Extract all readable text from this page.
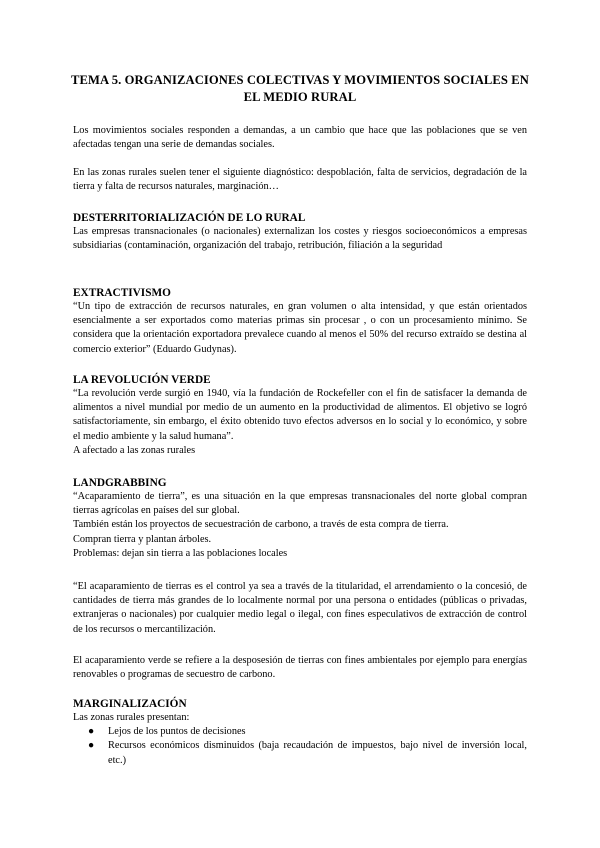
TEMA 5. ORGANIZACIONES COLECTIVAS Y MOVIMIENTOS SOCIALES EN EL MEDIO RURAL
Los movimientos sociales responden a demandas, a un cambio que hace que las poblaciones que se ven afectadas tengan una serie de demandas sociales.
En las zonas rurales suelen tener el siguiente diagnóstico: despoblación, falta de servicios, degradación de la tierra y falta de recursos naturales, marginación…
DESTERRITORIALIZACIÓN DE LO RURAL
Las empresas transnacionales (o nacionales) externalizan los costes y riesgos socioeconómicos a empresas subsidiarias (contaminación, organización del trabajo, retribución, filiación a la seguridad
EXTRACTIVISMO
“Un tipo de extracción de recursos naturales, en gran volumen o alta intensidad, y que están orientados esencialmente a ser exportados como materias primas sin procesar , o con un procesamiento mínimo. Se considera que la orientación exportadora prevalece cuando al menos el 50% del recurso extraído se destina al comercio exterior” (Eduardo Gudynas).
LA REVOLUCIÓN VERDE
“La revolución verde surgió en 1940, vía la fundación de Rockefeller con el fin de satisfacer la demanda de alimentos a nivel mundial por medio de un aumento en la productividad de alimentos. El objetivo se logró satisfactoriamente, sin embargo, el éxito obtenido tuvo efectos adversos en lo social y lo económico, y sobre el medio ambiente y la salud humana”.
A afectado a las zonas rurales
LANDGRABBING
“Acaparamiento de tierra”, es una situación en la que empresas transnacionales del norte global compran tierras agrícolas en países del sur global.
También están los proyectos de secuestración de carbono, a través de esta compra de tierra.
Compran tierra y plantan árboles.
Problemas: dejan sin tierra a las poblaciones locales
“El acaparamiento de tierras es el control ya sea a través de la titularidad, el arrendamiento o la concesió, de cantidades de tierra más grandes de lo localmente normal por una persona o entidades (públicas o privadas, extranjeras o nacionales) por cualquier medio legal o ilegal, con fines especulativos de extracción de control de los recursos o mercantilización.
El acaparamiento verde se refiere a la desposesión de tierras con fines ambientales por ejemplo para energías renovables o programas de secuestro de carbono.
MARGINALIZACIÓN
Las zonas rurales presentan:
● Lejos de los puntos de decisiones
● Recursos económicos disminuidos (baja recaudación de impuestos, bajo nivel de inversión local, etc.)
